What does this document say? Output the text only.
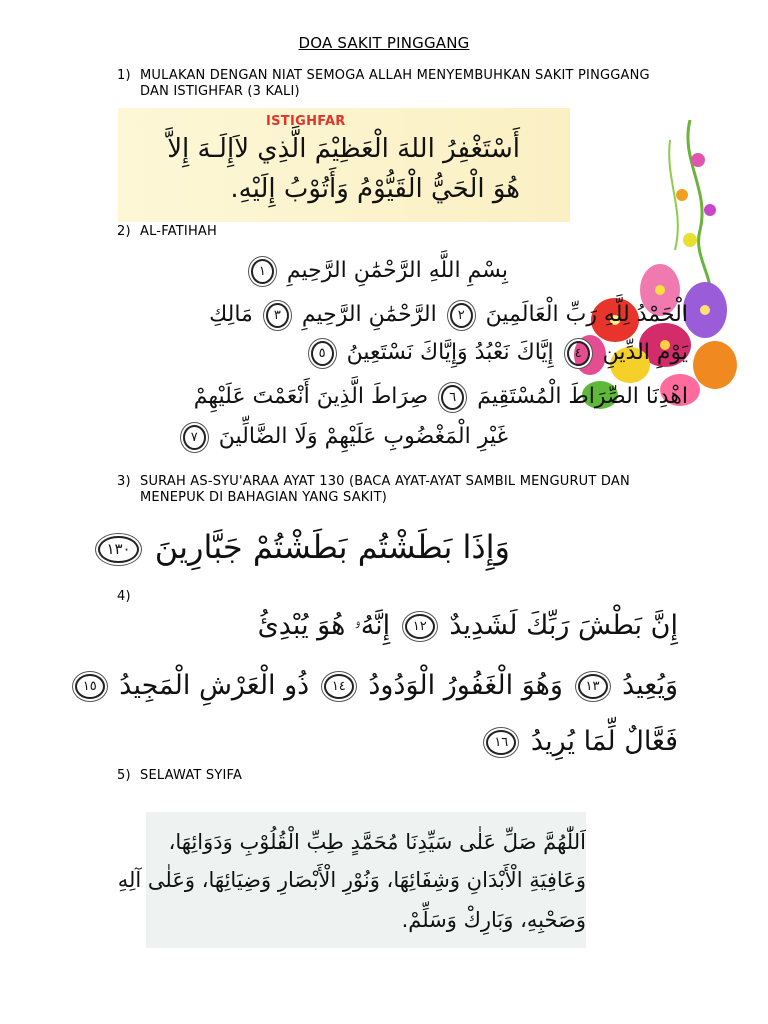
DOA SAKIT PINGGANG
1) MULAKAN DENGAN NIAT SEMOGA ALLAH MENYEMBUHKAN SAKIT PINGGANG DAN ISTIGHFAR (3 KALI)
ISTIGHFAR
أَسْتَغْفِرُ اللهَ الْعَظِيْمَ الَّذِي لاَإِلَـهَ إِلاَّ
هُوَ الْحَيُّ الْقَيُّوْمُ وَأَتُوْبُ إِلَيْهِ.
2) AL-FATIHAH
بِسْمِ اللَّهِ الرَّحْمَٰنِ الرَّحِيمِ ١
الْحَمْدُ لِلَّهِ رَبِّ الْعَالَمِينَ ٢ الرَّحْمَٰنِ الرَّحِيمِ ٣ مَالِكِ
يَوْمِ الدِّينِ ٤ إِيَّاكَ نَعْبُدُ وَإِيَّاكَ نَسْتَعِينُ ٥
اهْدِنَا الصِّرَاطَ الْمُسْتَقِيمَ ٦ صِرَاطَ الَّذِينَ أَنْعَمْتَ عَلَيْهِمْ
غَيْرِ الْمَغْضُوبِ عَلَيْهِمْ وَلَا الضَّالِّينَ ٧
3) SURAH AS-SYU'ARAA AYAT 130 (BACA AYAT-AYAT SAMBIL MENGURUT DAN MENEPUK DI BAHAGIAN YANG SAKIT)
وَإِذَا بَطَشْتُم بَطَشْتُمْ جَبَّارِينَ ١٣٠
4)
إِنَّ بَطْشَ رَبِّكَ لَشَدِيدٌ ١٢ إِنَّهُۥ هُوَ يُبْدِئُ
وَيُعِيدُ ١٣ وَهُوَ الْغَفُورُ الْوَدُودُ ١٤ ذُو الْعَرْشِ الْمَجِيدُ ١٥
فَعَّالٌ لِّمَا يُرِيدُ ١٦
5) SELAWAT SYIFA
اَللّٰهُمَّ صَلِّ عَلٰى سَيِّدِنَا مُحَمَّدٍ طِبِّ الْقُلُوْبِ وَدَوَائِهَا،
وَعَافِيَةِ الْأَبْدَانِ وَشِفَائِهَا، وَنُوْرِ الْأَبْصَارِ وَضِيَائِهَا، وَعَلٰى آلِهِ
وَصَحْبِهِ، وَبَارِكْ وَسَلِّمْ.
